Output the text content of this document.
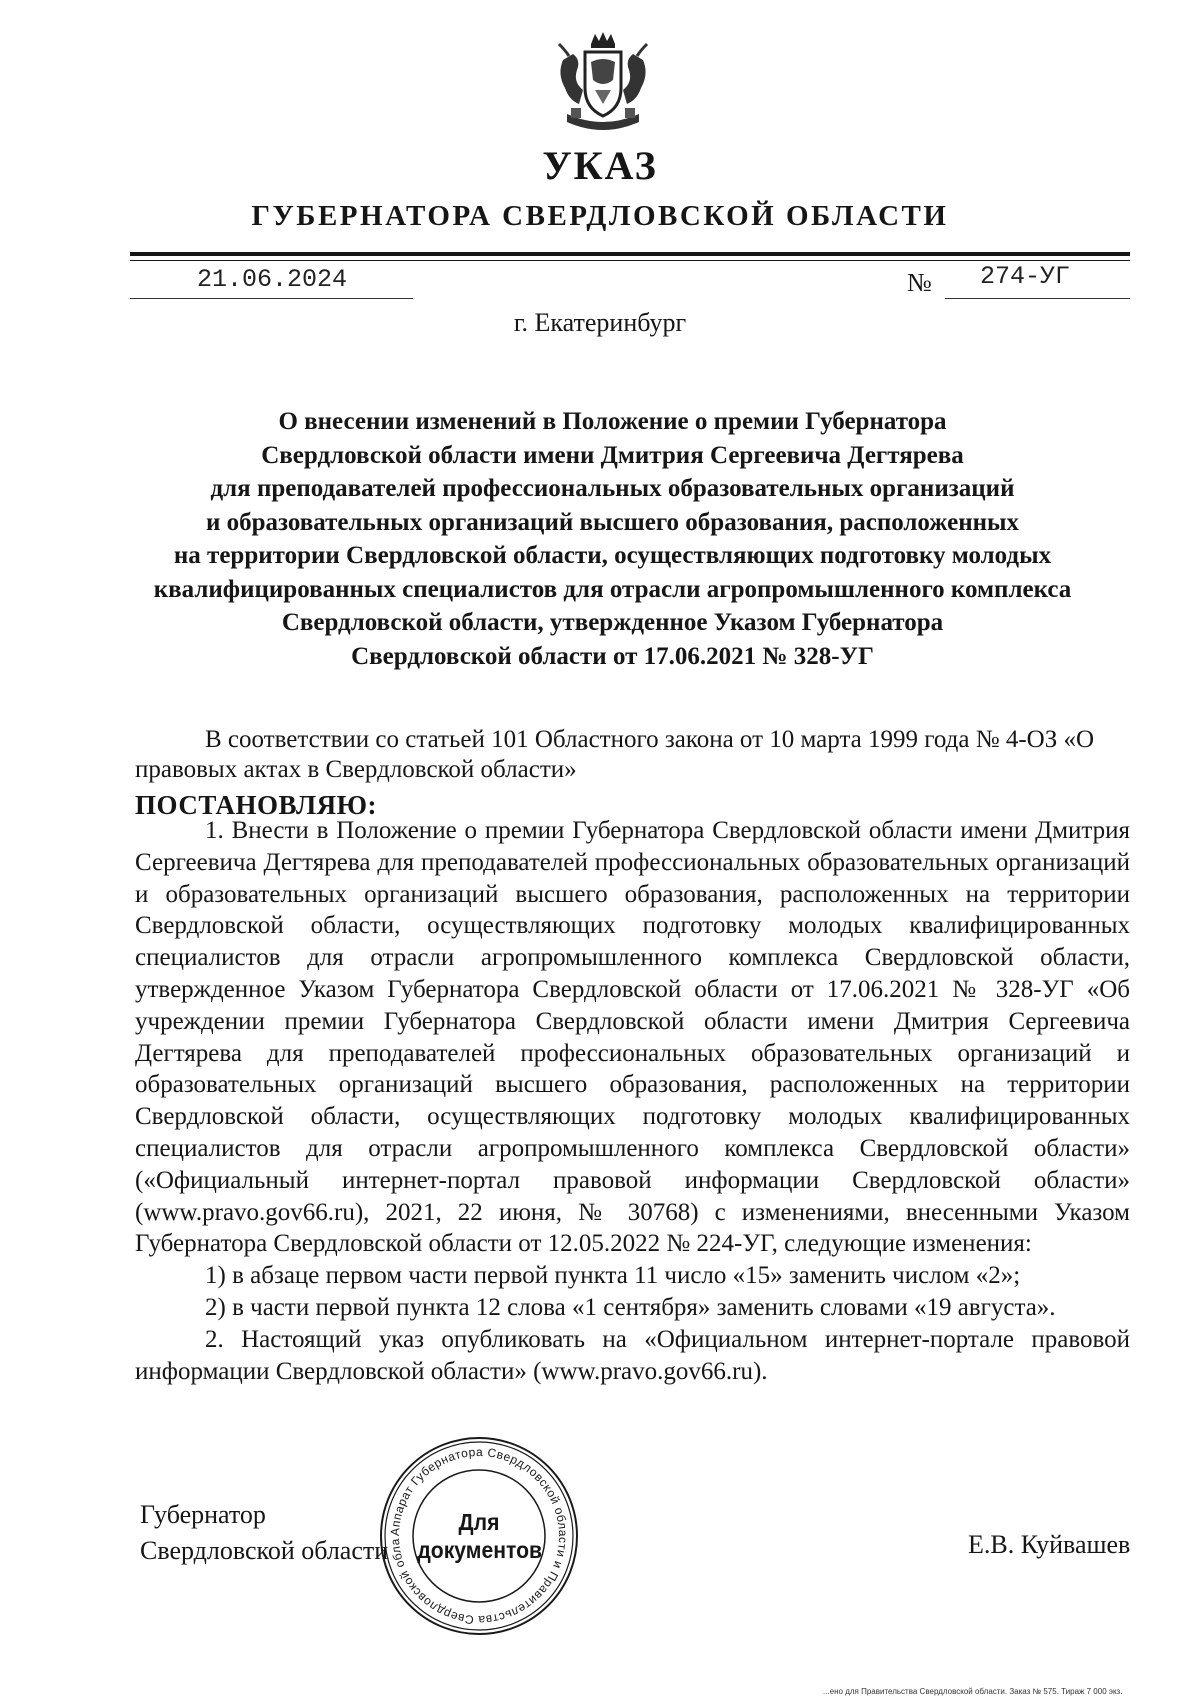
УКАЗ
ГУБЕРНАТОРА СВЕРДЛОВСКОЙ ОБЛАСТИ
21.06.2024	№ 274-УГ
г. Екатеринбург

О внесении изменений в Положение о премии Губернатора

Свердловской области имени Дмитрия Сергеевича Дегтярева

для преподавателей профессиональных образовательных организаций

и образовательных организаций высшего образования, расположенных

на территории Свердловской области, осуществляющих подготовку молодых

квалифицированных специалистов для отрасли агропромышленного комплекса

Свердловской области, утвержденное Указом Губернатора

Свердловской области от 17.06.2021 № 328-УГ

В соответствии со статьей 101 Областного закона от 10 марта 1999 года № 4-ОЗ «О правовых актах в Свердловской области»
ПОСТАНОВЛЯЮ:

1. Внести в Положение о премии Губернатора Свердловской области имени Дмитрия Сергеевича Дегтярева для преподавателей профессиональных образовательных организаций и образовательных организаций высшего образования, расположенных на территории Свердловской области, осуществляющих подготовку молодых квалифицированных специалистов для отрасли агропромышленного комплекса Свердловской области, утвержденное Указом Губернатора Свердловской области от 17.06.2021 № 328-УГ «Об учреждении премии Губернатора Свердловской области имени Дмитрия Сергеевича Дегтярева для преподавателей профессиональных образовательных организаций и образовательных организаций высшего образования, расположенных на территории Свердловской области, осуществляющих подготовку молодых квалифицированных специалистов для отрасли агропромышленного комплекса Свердловской области» («Официальный интернет-портал правовой информации Свердловской области» (www.pravo.gov66.ru), 2021, 22 июня, № 30768) с изменениями, внесенными Указом Губернатора Свердловской области от 12.05.2022 № 224-УГ, следующие изменения:

1) в абзаце первом части первой пункта 11 число «15» заменить числом «2»;

2) в части первой пункта 12 слова «1 сентября» заменить словами «19 августа».

2. Настоящий указ опубликовать на «Официальном интернет-портале правовой информации Свердловской области» (www.pravo.gov66.ru).

Губернатор
Свердловской области	Е.В. Куйвашев
Аппарат Губернатора Свердловской области и Правительства Свердловской обла
Для
документов
...ено для Правительства Свердловской области. Заказ № 575. Тираж 7 000 экз.
